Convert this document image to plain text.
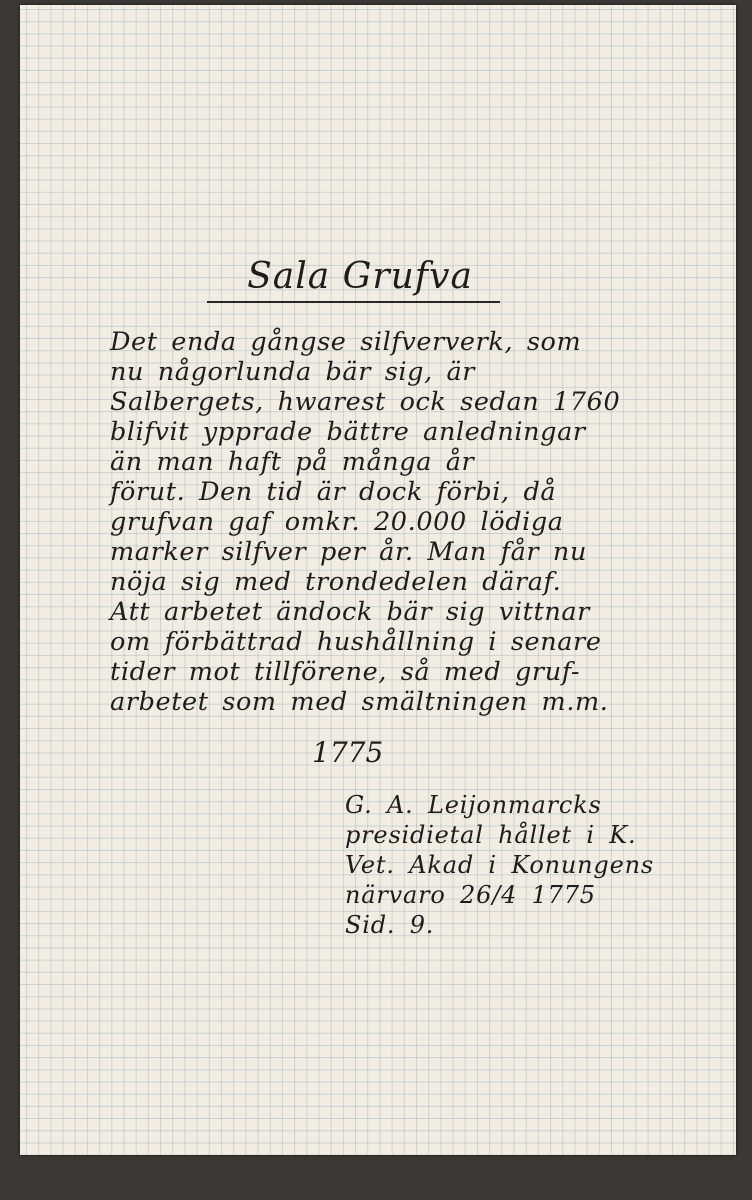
Sala Grufva
Det enda gångse silfververk, som
nu någorlunda bär sig, är
Salbergets, hwarest ock sedan 1760
blifvit ypprade bättre anledningar
än man haft på många år
förut. Den tid är dock förbi, då
grufvan gaf omkr. 20.000 lödiga
marker silfver per år. Man får nu
nöja sig med trondedelen däraf.
Att arbetet ändock bär sig vittnar
om förbättrad hushållning i senare
tider mot tillförene, så med gruf-
arbetet som med smältningen m.m.
1775
G. A. Leijonmarcks
presidietal hållet i K.
Vet. Akad i Konungens
närvaro 26/4 1775
Sid. 9.
